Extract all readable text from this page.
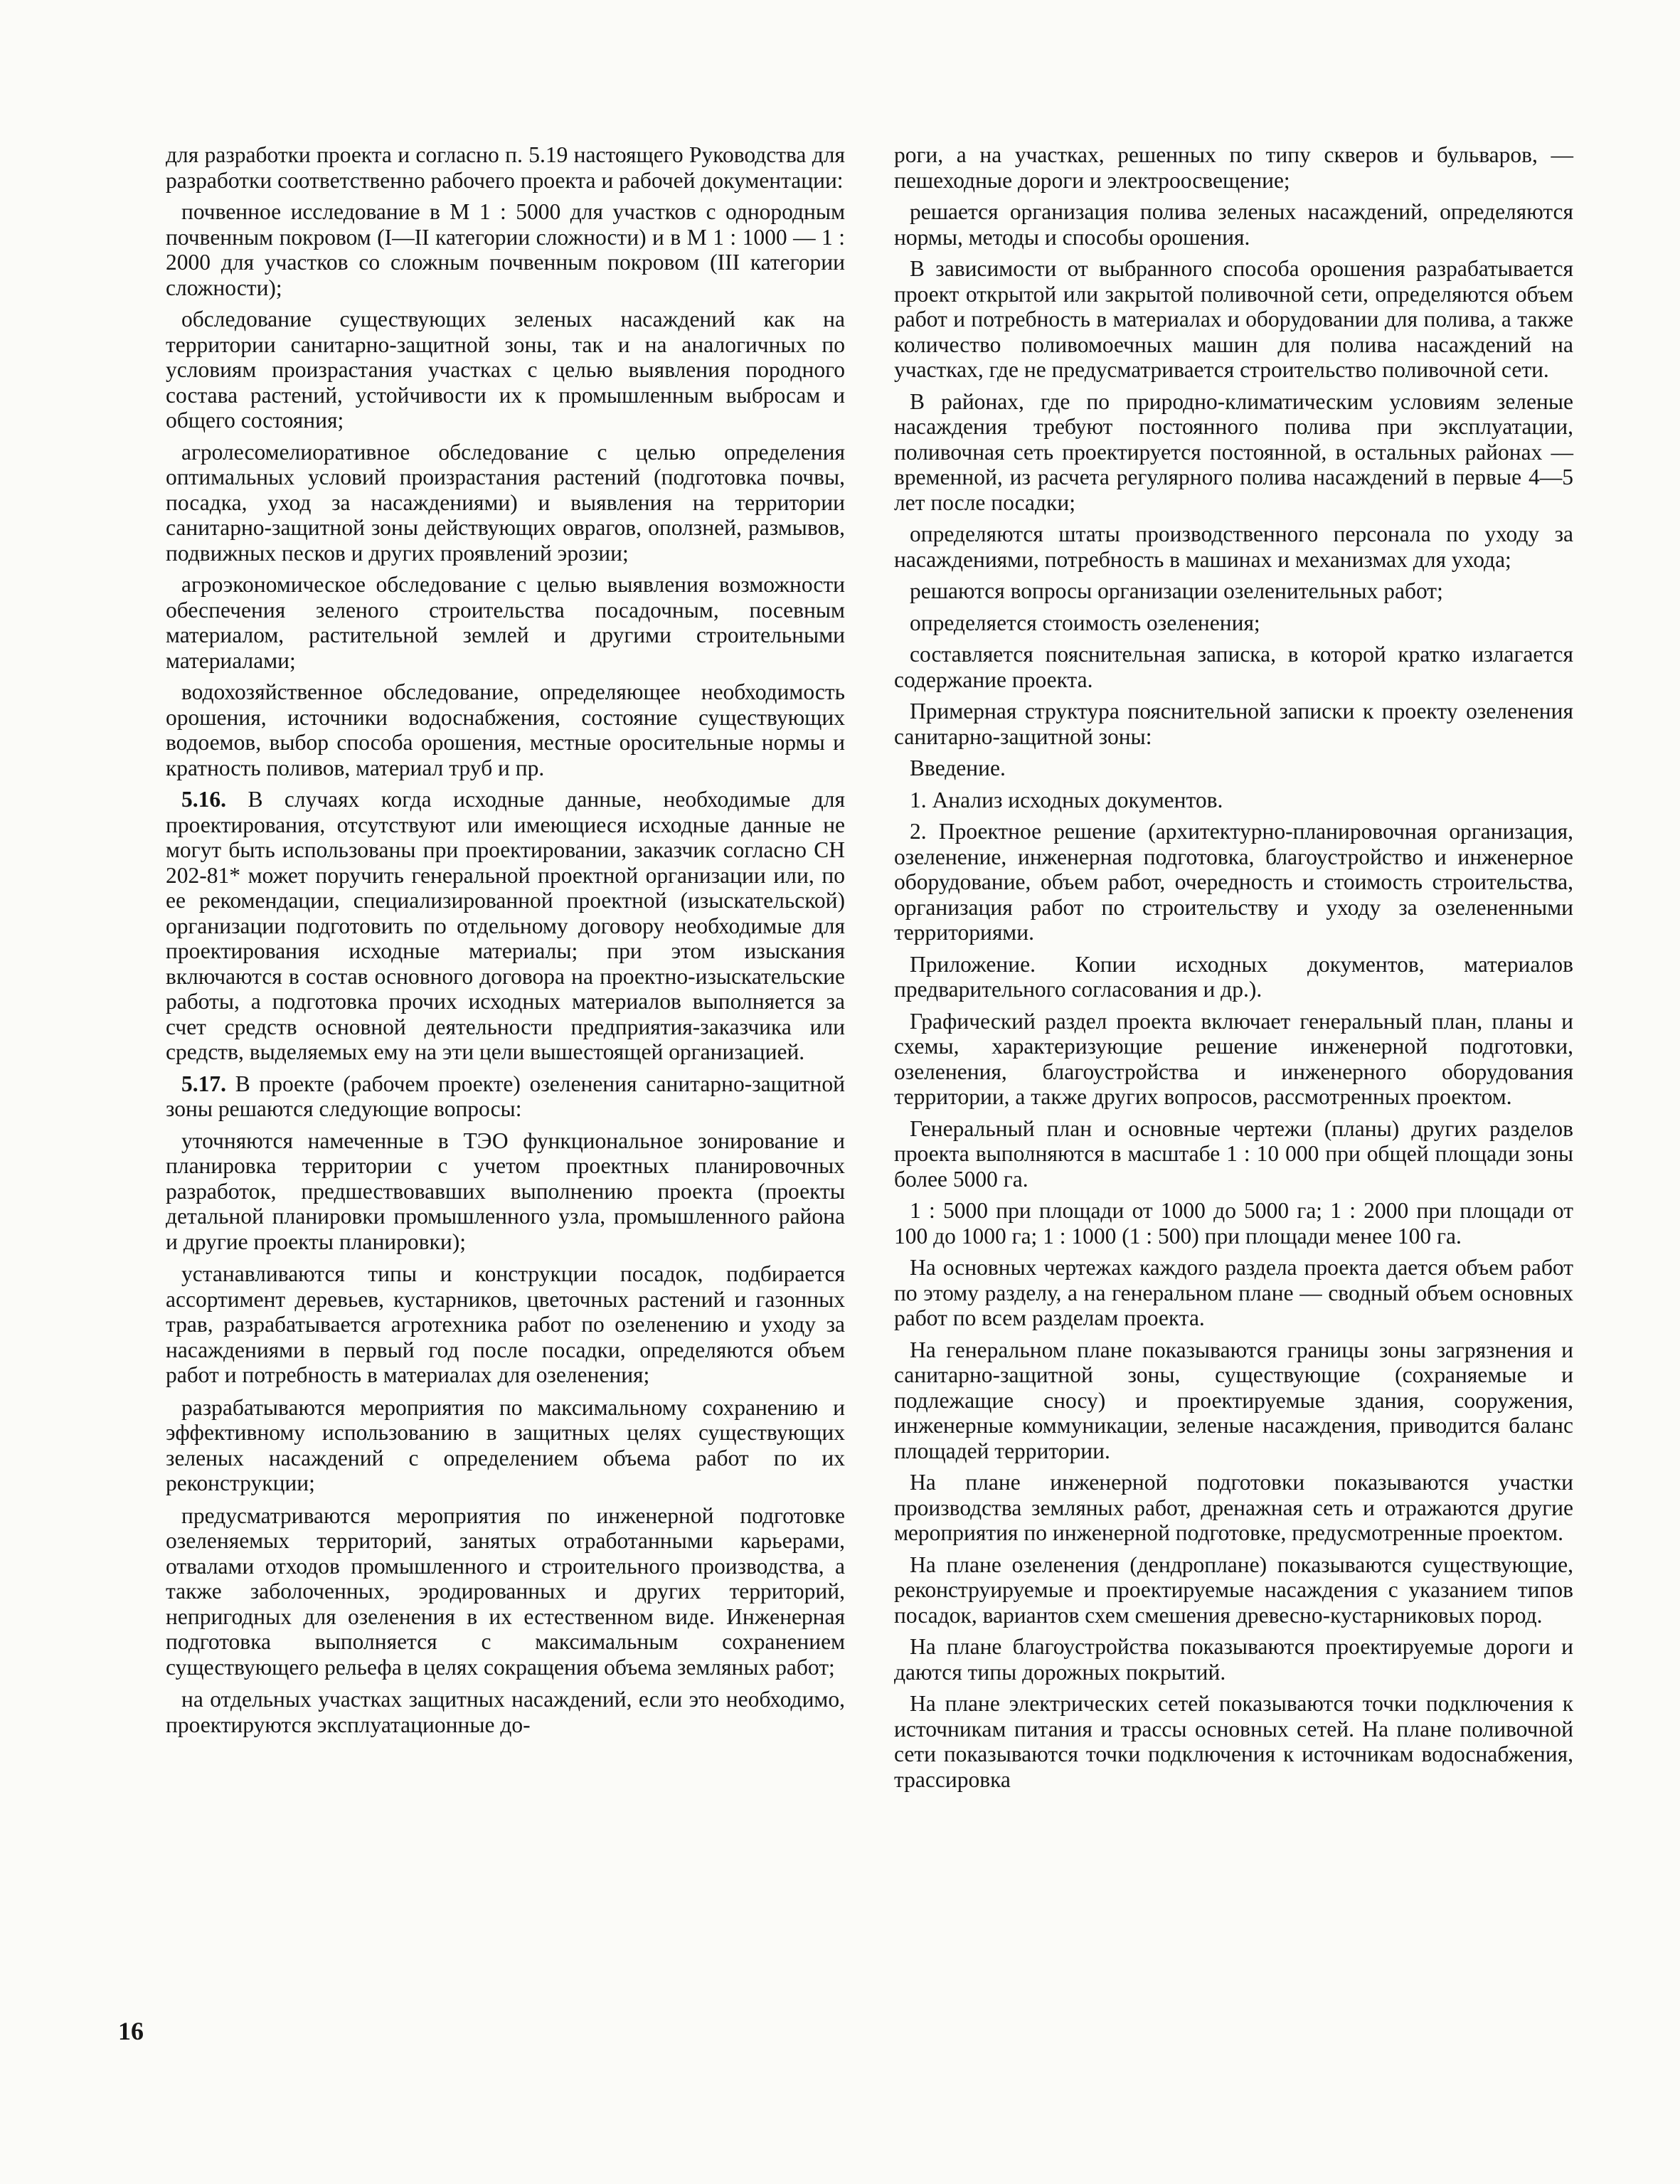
для разработки проекта и согласно п. 5.19 настоящего Руководства для разработки соответственно рабочего проекта и рабочей документации:

почвенное исследование в М 1 : 5000 для участков с однородным почвенным покровом (I—II категории сложности) и в М 1 : 1000 — 1 : 2000 для участков со сложным почвенным покровом (III категории сложности);

обследование существующих зеленых насаждений как на территории санитарно-защитной зоны, так и на аналогичных по условиям произрастания участках с целью выявления породного состава растений, устойчивости их к промышленным выбросам и общего состояния;

агролесомелиоративное обследование с целью определения оптимальных условий произрастания растений (подготовка почвы, посадка, уход за насаждениями) и выявления на территории санитарно-защитной зоны действующих оврагов, оползней, размывов, подвижных песков и других проявлений эрозии;

агроэкономическое обследование с целью выявления возможности обеспечения зеленого строительства посадочным, посевным материалом, растительной землей и другими строительными материалами;

водохозяйственное обследование, определяющее необходимость орошения, источники водоснабжения, состояние существующих водоемов, выбор способа орошения, местные оросительные нормы и кратность поливов, материал труб и пр.

5.16. В случаях когда исходные данные, необходимые для проектирования, отсутствуют или имеющиеся исходные данные не могут быть использованы при проектировании, заказчик согласно СН 202-81* может поручить генеральной проектной организации или, по ее рекомендации, специализированной проектной (изыскательской) организации подготовить по отдельному договору необходимые для проектирования исходные материалы; при этом изыскания включаются в состав основного договора на проектно-изыскательские работы, а подготовка прочих исходных материалов выполняется за счет средств основной деятельности предприятия-заказчика или средств, выделяемых ему на эти цели вышестоящей организацией.

5.17. В проекте (рабочем проекте) озеленения санитарно-защитной зоны решаются следующие вопросы:

уточняются намеченные в ТЭО функциональное зонирование и планировка территории с учетом проектных планировочных разработок, предшествовавших выполнению проекта (проекты детальной планировки промышленного узла, промышленного района и другие проекты планировки);

устанавливаются типы и конструкции посадок, подбирается ассортимент деревьев, кустарников, цветочных растений и газонных трав, разрабатывается агротехника работ по озеленению и уходу за насаждениями в первый год после посадки, определяются объем работ и потребность в материалах для озеленения;

разрабатываются мероприятия по максимальному сохранению и эффективному использованию в защитных целях существующих зеленых насаждений с определением объема работ по их реконструкции;

предусматриваются мероприятия по инженерной подготовке озеленяемых территорий, занятых отработанными карьерами, отвалами отходов промышленного и строительного производства, а также заболоченных, эродированных и других территорий, непригодных для озеленения в их естественном виде. Инженерная подготовка выполняется с максимальным сохранением существующего рельефа в целях сокращения объема земляных работ;

на отдельных участках защитных насаждений, если это необходимо, проектируются эксплуатационные до-

роги, а на участках, решенных по типу скверов и бульваров, — пешеходные дороги и электроосвещение;

решается организация полива зеленых насаждений, определяются нормы, методы и способы орошения.

В зависимости от выбранного способа орошения разрабатывается проект открытой или закрытой поливочной сети, определяются объем работ и потребность в материалах и оборудовании для полива, а также количество поливомоечных машин для полива насаждений на участках, где не предусматривается строительство поливочной сети.

В районах, где по природно-климатическим условиям зеленые насаждения требуют постоянного полива при эксплуатации, поливочная сеть проектируется постоянной, в остальных районах — временной, из расчета регулярного полива насаждений в первые 4—5 лет после посадки;

определяются штаты производственного персонала по уходу за насаждениями, потребность в машинах и механизмах для ухода;

решаются вопросы организации озеленительных работ;

определяется стоимость озеленения;

составляется пояснительная записка, в которой кратко излагается содержание проекта.

Примерная структура пояснительной записки к проекту озеленения санитарно-защитной зоны:

Введение.

1. Анализ исходных документов.

2. Проектное решение (архитектурно-планировочная организация, озеленение, инженерная подготовка, благоустройство и инженерное оборудование, объем работ, очередность и стоимость строительства, организация работ по строительству и уходу за озелененными территориями.

Приложение. Копии исходных документов, материалов предварительного согласования и др.).

Графический раздел проекта включает генеральный план, планы и схемы, характеризующие решение инженерной подготовки, озеленения, благоустройства и инженерного оборудования территории, а также других вопросов, рассмотренных проектом.

Генеральный план и основные чертежи (планы) других разделов проекта выполняются в масштабе 1 : 10 000 при общей площади зоны более 5000 га.

1 : 5000 при площади от 1000 до 5000 га; 1 : 2000 при площади от 100 до 1000 га; 1 : 1000 (1 : 500) при площади менее 100 га.

На основных чертежах каждого раздела проекта дается объем работ по этому разделу, а на генеральном плане — сводный объем основных работ по всем разделам проекта.

На генеральном плане показываются границы зоны загрязнения и санитарно-защитной зоны, существующие (сохраняемые и подлежащие сносу) и проектируемые здания, сооружения, инженерные коммуникации, зеленые насаждения, приводится баланс площадей территории.

На плане инженерной подготовки показываются участки производства земляных работ, дренажная сеть и отражаются другие мероприятия по инженерной подготовке, предусмотренные проектом.

На плане озеленения (дендроплане) показываются существующие, реконструируемые и проектируемые насаждения с указанием типов посадок, вариантов схем смешения древесно-кустарниковых пород.

На плане благоустройства показываются проектируемые дороги и даются типы дорожных покрытий.

На плане электрических сетей показываются точки подключения к источникам питания и трассы основных сетей. На плане поливочной сети показываются точки подключения к источникам водоснабжения, трассировка

16
